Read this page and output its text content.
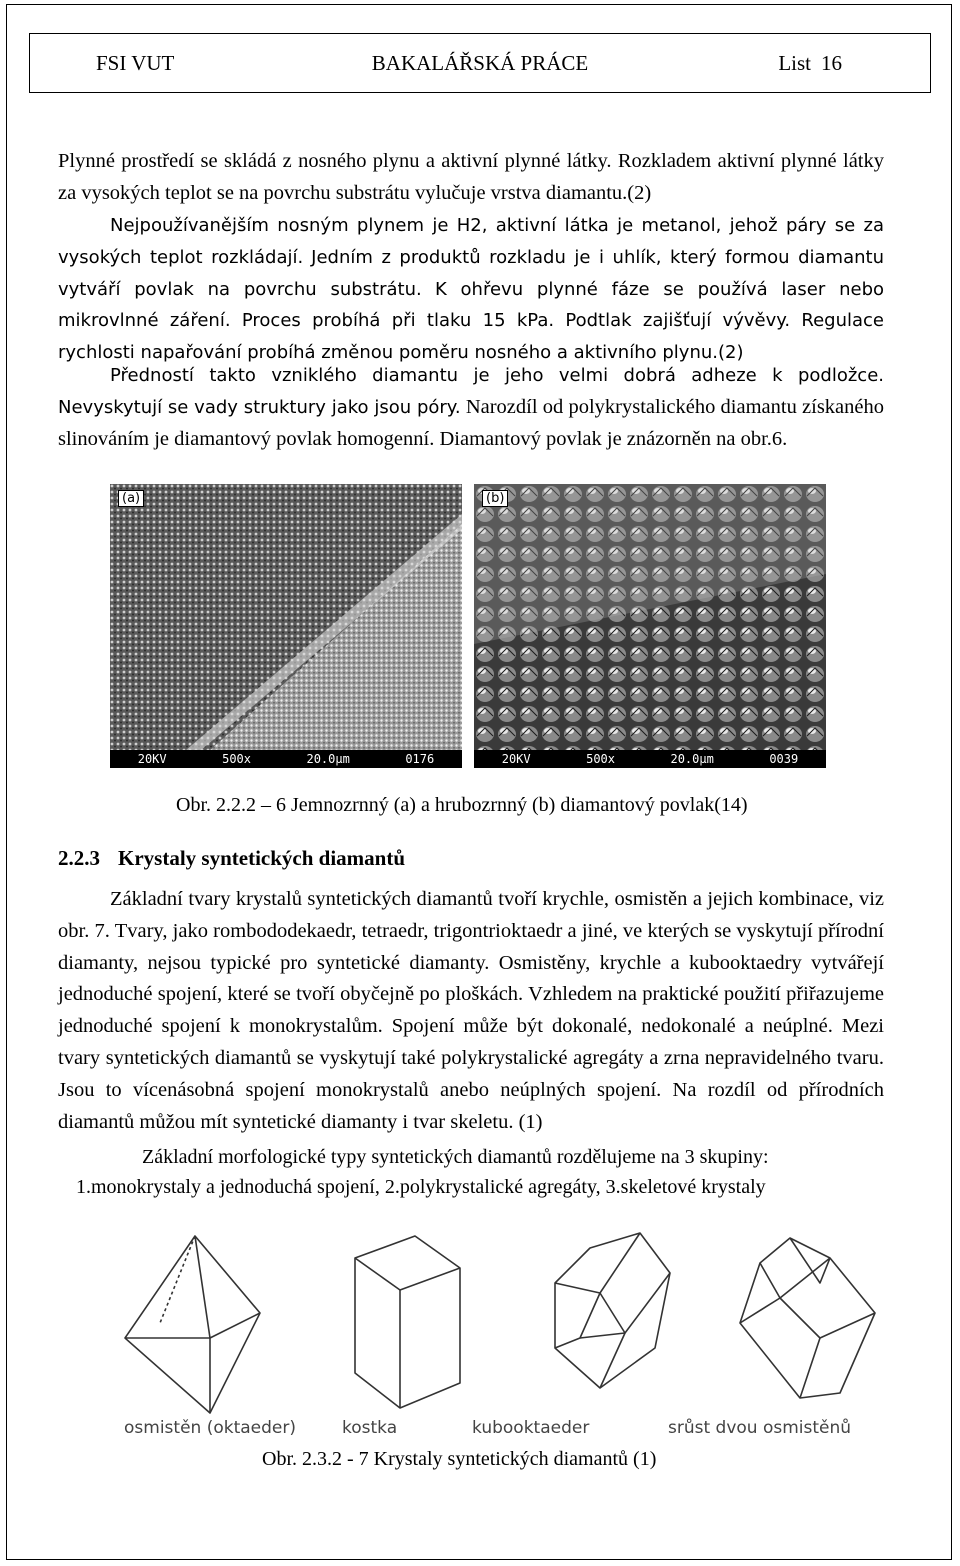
FSI VUT	BAKALÁŘSKÁ PRÁCE	List 16

Plynné prostředí se skládá z nosného plynu a aktivní plynné látky. Rozkladem aktivní plynné látky za vysokých teplot se na povrchu substrátu vylučuje vrstva diamantu.(2)

Nejpoužívanějším nosným plynem je H2, aktivní látka je metanol, jehož páry se za vysokých teplot rozkládají. Jedním z produktů rozkladu je i uhlík, který formou diamantu vytváří povlak na povrchu substrátu. K ohřevu plynné fáze se používá laser nebo mikrovlnné záření. Proces probíhá při tlaku 15 kPa. Podtlak zajišťují vývěvy. Regulace rychlosti napařování probíhá změnou poměru nosného a aktivního plynu.(2)

Předností takto vzniklého diamantu je jeho velmi dobrá adheze k podložce. Nevyskytují se vady struktury jako jsou póry. Narozdíl od polykrystalického diamantu získaného slinováním je diamantový povlak homogenní. Diamantový povlak je znázorněn na obr.6.

(a)
20KV	500x	20.0µm	0176
(b)
20KV	500x	20.0µm	0039
Obr. 2.2.2 – 6 Jemnozrnný (a) a hrubozrnný (b) diamantový povlak(14)
2.2.3 Krystaly syntetických diamantů

Základní tvary krystalů syntetických diamantů tvoří krychle, osmistěn a jejich kombinace, viz obr. 7. Tvary, jako rombododekaedr, tetraedr, trigontrioktaedr a jiné, ve kterých se vyskytují přírodní diamanty, nejsou typické pro syntetické diamanty. Osmistěny, krychle a kubooktaedry vytvářejí jednoduché spojení, které se tvoří obyčejně po ploškách. Vzhledem na praktické použití přiřazujeme jednoduché spojení k monokrystalům. Spojení může být dokonalé, nedokonalé a neúplné. Mezi tvary syntetických diamantů se vyskytují také polykrystalické agregáty a zrna nepravidelného tvaru. Jsou to vícenásobná spojení monokrystalů anebo neúplných spojení. Na rozdíl od přírodních diamantů můžou mít syntetické diamanty i tvar skeletu. (1)

Základní morfologické typy syntetických diamantů rozdělujeme na 3 skupiny:
1.monokrystaly a jednoduchá spojení, 2.polykrystalické agregáty, 3.skeletové krystaly
osmistěn (oktaeder)	kostka	kubooktaeder	srůst dvou osmistěnů
Obr. 2.3.2 - 7 Krystaly syntetických diamantů (1)
